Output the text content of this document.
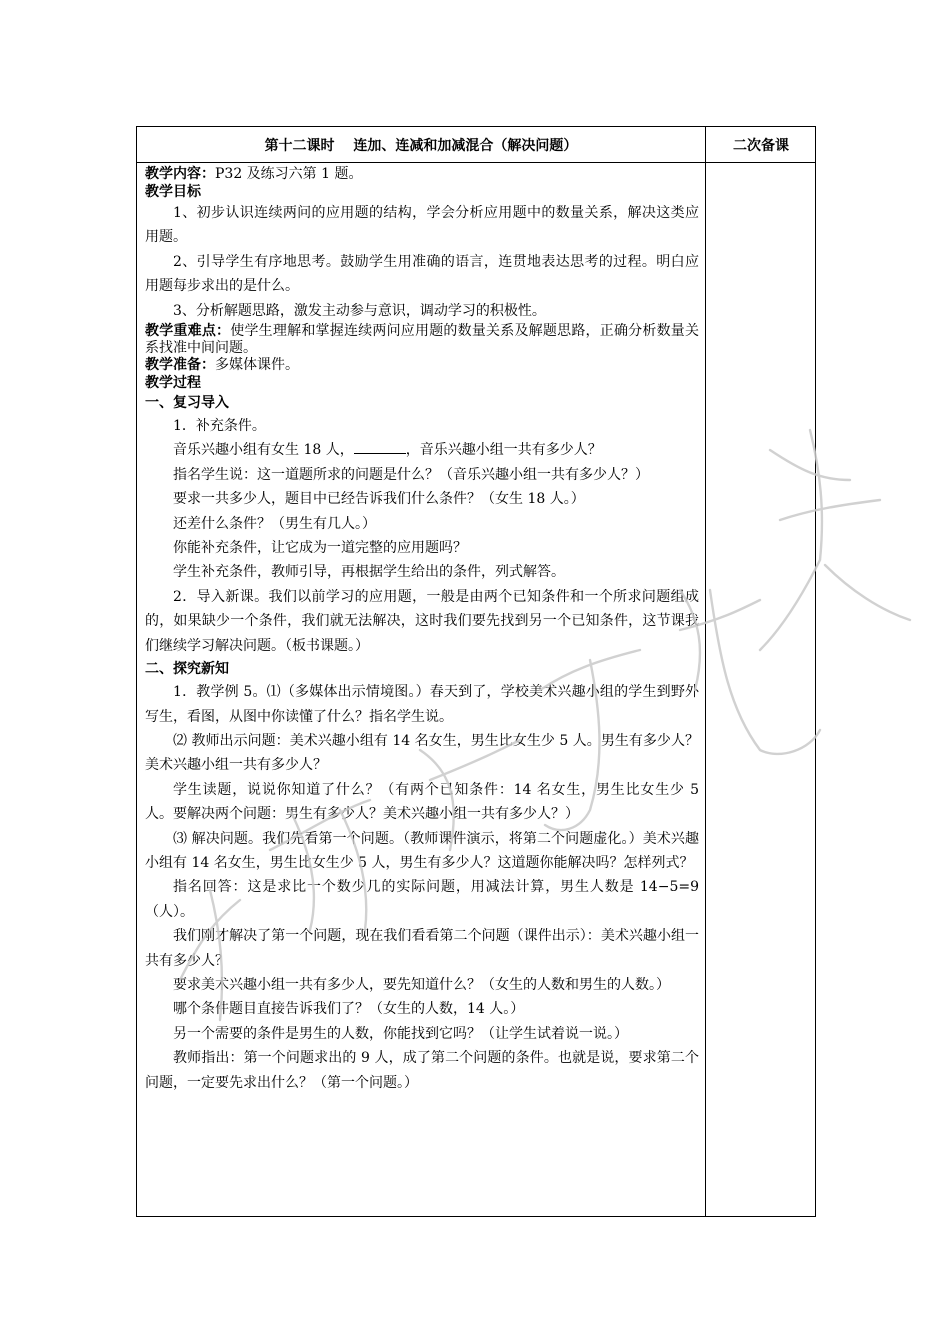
第十二课时　 连加、连减和加减混合（解决问题）	二次备课

教学内容：P32 及练习六第 1 题。

教学目标

1、初步认识连续两问的应用题的结构，学会分析应用题中的数量关系，解决这类应用题。

2、引导学生有序地思考。鼓励学生用准确的语言，连贯地表达思考的过程。明白应用题每步求出的是什么。

3、分析解题思路，激发主动参与意识，调动学习的积极性。

教学重难点：使学生理解和掌握连续两问应用题的数量关系及解题思路，正确分析数量关系找准中间问题。

教学准备：多媒体课件。

教学过程

一、复习导入

1．补充条件。

音乐兴趣小组有女生 18 人，	，音乐兴趣小组一共有多少人？

指名学生说：这一道题所求的问题是什么？（音乐兴趣小组一共有多少人？）

要求一共多少人，题目中已经告诉我们什么条件？（女生 18 人。）

还差什么条件？（男生有几人。）

你能补充条件，让它成为一道完整的应用题吗？

学生补充条件，教师引导，再根据学生给出的条件，列式解答。

2．导入新课。我们以前学习的应用题，一般是由两个已知条件和一个所求问题组成的，如果缺少一个条件，我们就无法解决，这时我们要先找到另一个已知条件，这节课我们继续学习解决问题。（板书课题。）

二、探究新知

1．教学例 5。⑴（多媒体出示情境图。）春天到了，学校美术兴趣小组的学生到野外写生，看图，从图中你读懂了什么？指名学生说。

⑵ 教师出示问题：美术兴趣小组有 14 名女生，男生比女生少 5 人。男生有多少人？美术兴趣小组一共有多少人？

学生读题，说说你知道了什么？（有两个已知条件：14 名女生，男生比女生少 5 人。要解决两个问题：男生有多少人？美术兴趣小组一共有多少人？）

⑶ 解决问题。我们先看第一个问题。（教师课件演示，将第二个问题虚化。）美术兴趣小组有 14 名女生，男生比女生少 5 人，男生有多少人？这道题你能解决吗？怎样列式？

指名回答：这是求比一个数少几的实际问题，用减法计算，男生人数是 14−5=9（人）。

我们刚才解决了第一个问题，现在我们看看第二个问题（课件出示）：美术兴趣小组一共有多少人？

要求美术兴趣小组一共有多少人，要先知道什么？（女生的人数和男生的人数。）

哪个条件题目直接告诉我们了？（女生的人数，14 人。）

另一个需要的条件是男生的人数，你能找到它吗？（让学生试着说一说。）

教师指出：第一个问题求出的 9 人，成了第二个问题的条件。也就是说，要求第二个问题，一定要先求出什么？（第一个问题。）
